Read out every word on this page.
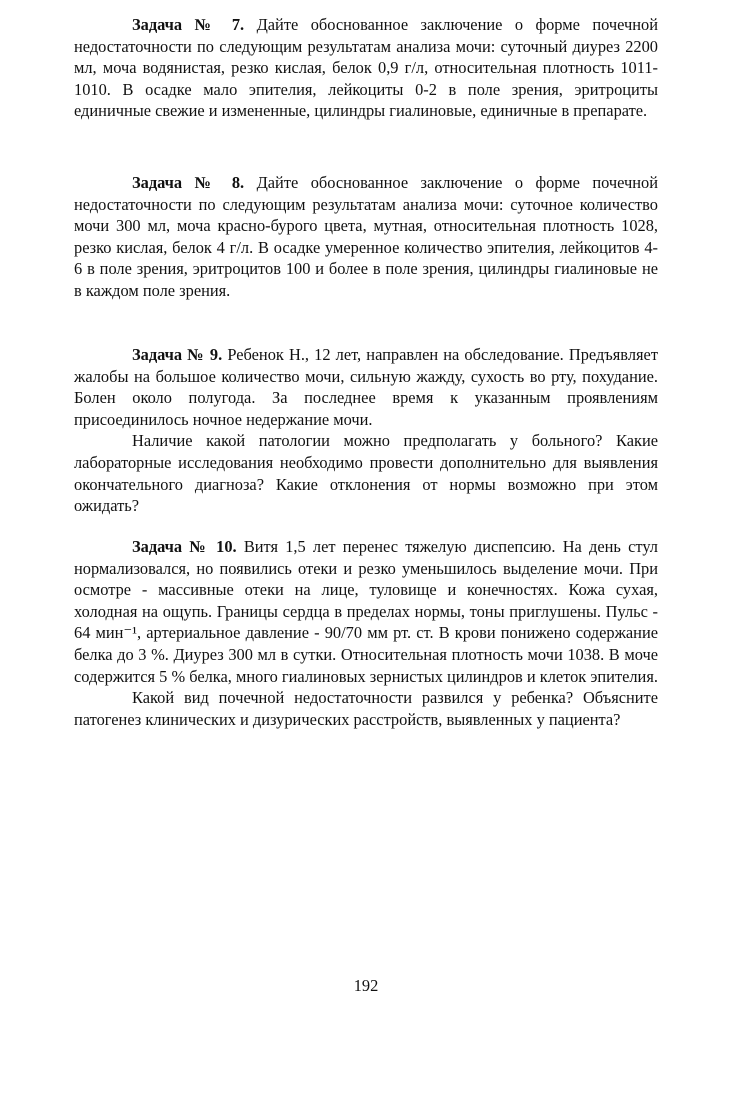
Задача № 7. Дайте обоснованное заключение о форме почечной недостаточности по следующим результатам анализа мочи: суточный диурез 2200 мл, моча водянистая, резко кислая, белок 0,9 г/л, относительная плотность 1011-1010. В осадке мало эпителия, лейкоциты 0-2 в поле зрения, эритроциты единичные свежие и измененные, цилиндры гиалиновые, единичные в препарате.

Задача № 8. Дайте обоснованное заключение о форме почечной недостаточности по следующим результатам анализа мочи: суточное количество мочи 300 мл, моча красно-бурого цвета, мутная, относительная плотность 1028, резко кислая, белок 4 г/л. В осадке умеренное количество эпителия, лейкоцитов 4-6 в поле зрения, эритроцитов 100 и более в поле зрения, цилиндры гиалиновые не в каждом поле зрения.

Задача № 9. Ребенок Н., 12 лет, направлен на обследование. Предъявляет жалобы на большое количество мочи, сильную жажду, сухость во рту, похудание. Болен около полугода. За последнее время к указанным проявлениям присоединилось ночное недержание мочи.

Наличие какой патологии можно предполагать у больного? Какие лабораторные исследования необходимо провести дополнительно для выявления окончательного диагноза? Какие отклонения от нормы возможно при этом ожидать?

Задача № 10. Витя 1,5 лет перенес тяжелую диспепсию. На день стул нормализовался, но появились отеки и резко уменьшилось выделение мочи. При осмотре - массивные отеки на лице, туловище и конечностях. Кожа сухая, холодная на ощупь. Границы сердца в пределах нормы, тоны приглушены. Пульс - 64 мин⁻¹, артериальное давление - 90/70 мм рт. ст. В крови понижено содержание белка до 3 %. Диурез 300 мл в сутки. Относительная плотность мочи 1038. В моче содержится 5 % белка, много гиалиновых зернистых цилиндров и клеток эпителия.

Какой вид почечной недостаточности развился у ребенка? Объясните патогенез клинических и дизурических расстройств, выявленных у пациента?

192
